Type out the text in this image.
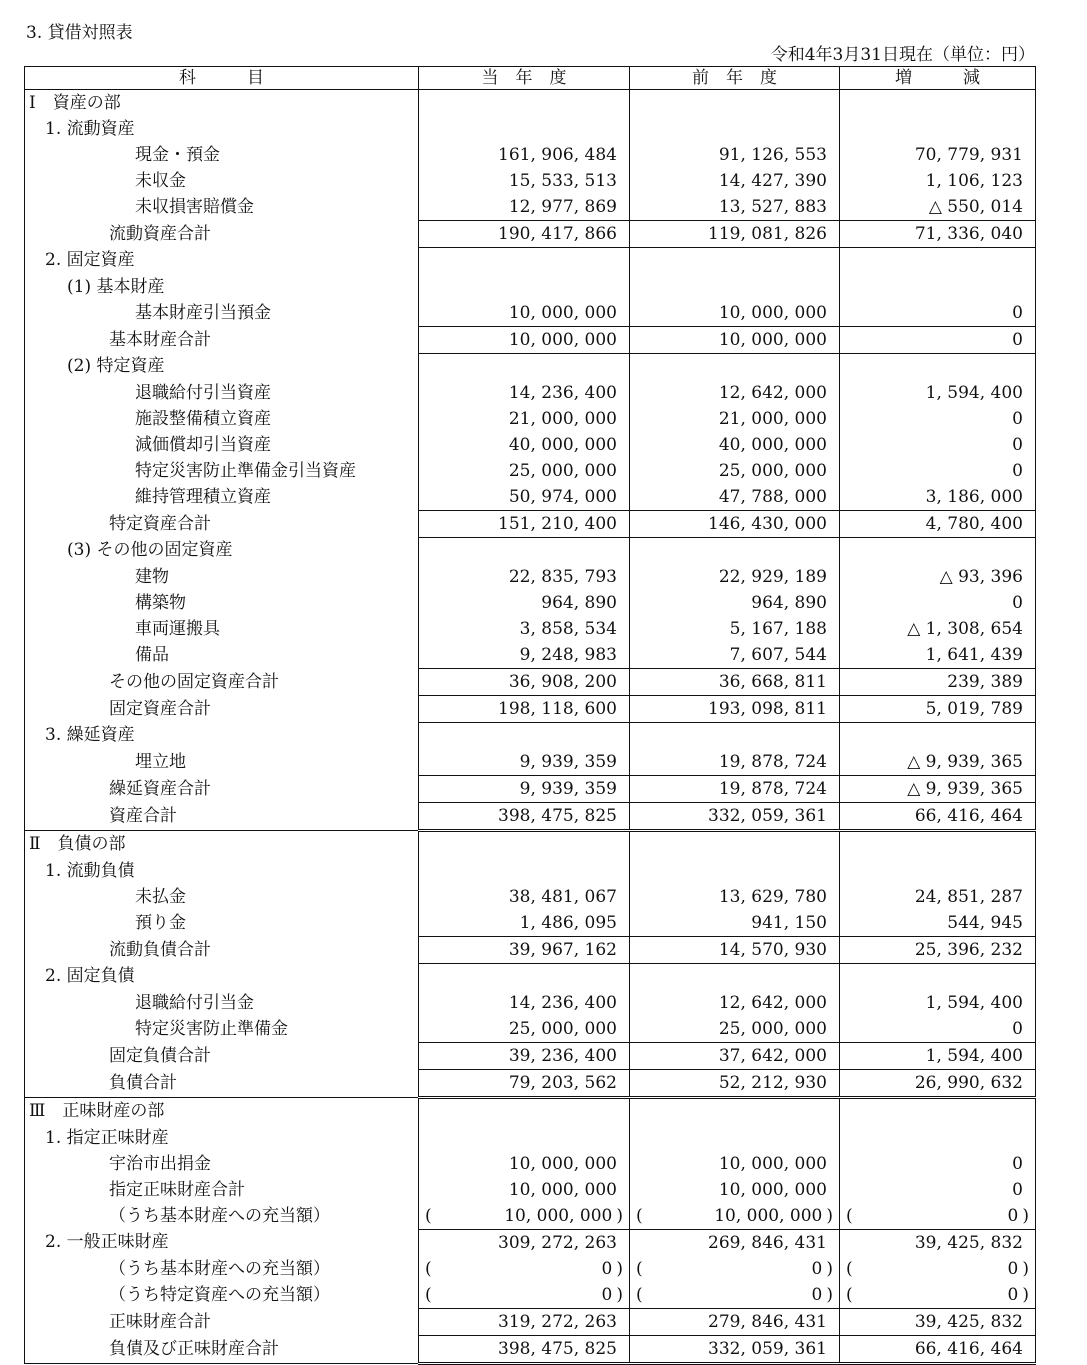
3. 貸借対照表
令和4年3月31日現在（単位：円）
科　　　目	当　年　度	前　年　度	増　　　減
Ⅰ　資産の部			
1. 流動資産			
現金・預金	161, 906, 484	91, 126, 553	70, 779, 931
未収金	15, 533, 513	14, 427, 390	1, 106, 123
未収損害賠償金	12, 977, 869	13, 527, 883	△ 550, 014
流動資産合計	190, 417, 866	119, 081, 826	71, 336, 040
2. 固定資産			
(1) 基本財産			
基本財産引当預金	10, 000, 000	10, 000, 000	0
基本財産合計	10, 000, 000	10, 000, 000	0
(2) 特定資産			
退職給付引当資産	14, 236, 400	12, 642, 000	1, 594, 400
施設整備積立資産	21, 000, 000	21, 000, 000	0
減価償却引当資産	40, 000, 000	40, 000, 000	0
特定災害防止準備金引当資産	25, 000, 000	25, 000, 000	0
維持管理積立資産	50, 974, 000	47, 788, 000	3, 186, 000
特定資産合計	151, 210, 400	146, 430, 000	4, 780, 400
(3) その他の固定資産			
建物	22, 835, 793	22, 929, 189	△ 93, 396
構築物	964, 890	964, 890	0
車両運搬具	3, 858, 534	5, 167, 188	△ 1, 308, 654
備品	9, 248, 983	7, 607, 544	1, 641, 439
その他の固定資産合計	36, 908, 200	36, 668, 811	239, 389
固定資産合計	198, 118, 600	193, 098, 811	5, 019, 789
3. 繰延資産			
埋立地	9, 939, 359	19, 878, 724	△ 9, 939, 365
繰延資産合計	9, 939, 359	19, 878, 724	△ 9, 939, 365
資産合計	398, 475, 825	332, 059, 361	66, 416, 464
Ⅱ　負債の部			
1. 流動負債			
未払金	38, 481, 067	13, 629, 780	24, 851, 287
預り金	1, 486, 095	941, 150	544, 945
流動負債合計	39, 967, 162	14, 570, 930	25, 396, 232
2. 固定負債			
退職給付引当金	14, 236, 400	12, 642, 000	1, 594, 400
特定災害防止準備金	25, 000, 000	25, 000, 000	0
固定負債合計	39, 236, 400	37, 642, 000	1, 594, 400
負債合計	79, 203, 562	52, 212, 930	26, 990, 632
Ⅲ　正味財産の部			
1. 指定正味財産			
宇治市出捐金	10, 000, 000	10, 000, 000	0
指定正味財産合計	10, 000, 000	10, 000, 000	0
（うち基本財産への充当額）	( 10, 000, 000 )	( 10, 000, 000 )	( 0 )
2. 一般正味財産	309, 272, 263	269, 846, 431	39, 425, 832
（うち基本財産への充当額）	( 0 )	( 0 )	( 0 )
（うち特定資産への充当額）	( 0 )	( 0 )	( 0 )
正味財産合計	319, 272, 263	279, 846, 431	39, 425, 832
負債及び正味財産合計	398, 475, 825	332, 059, 361	66, 416, 464
